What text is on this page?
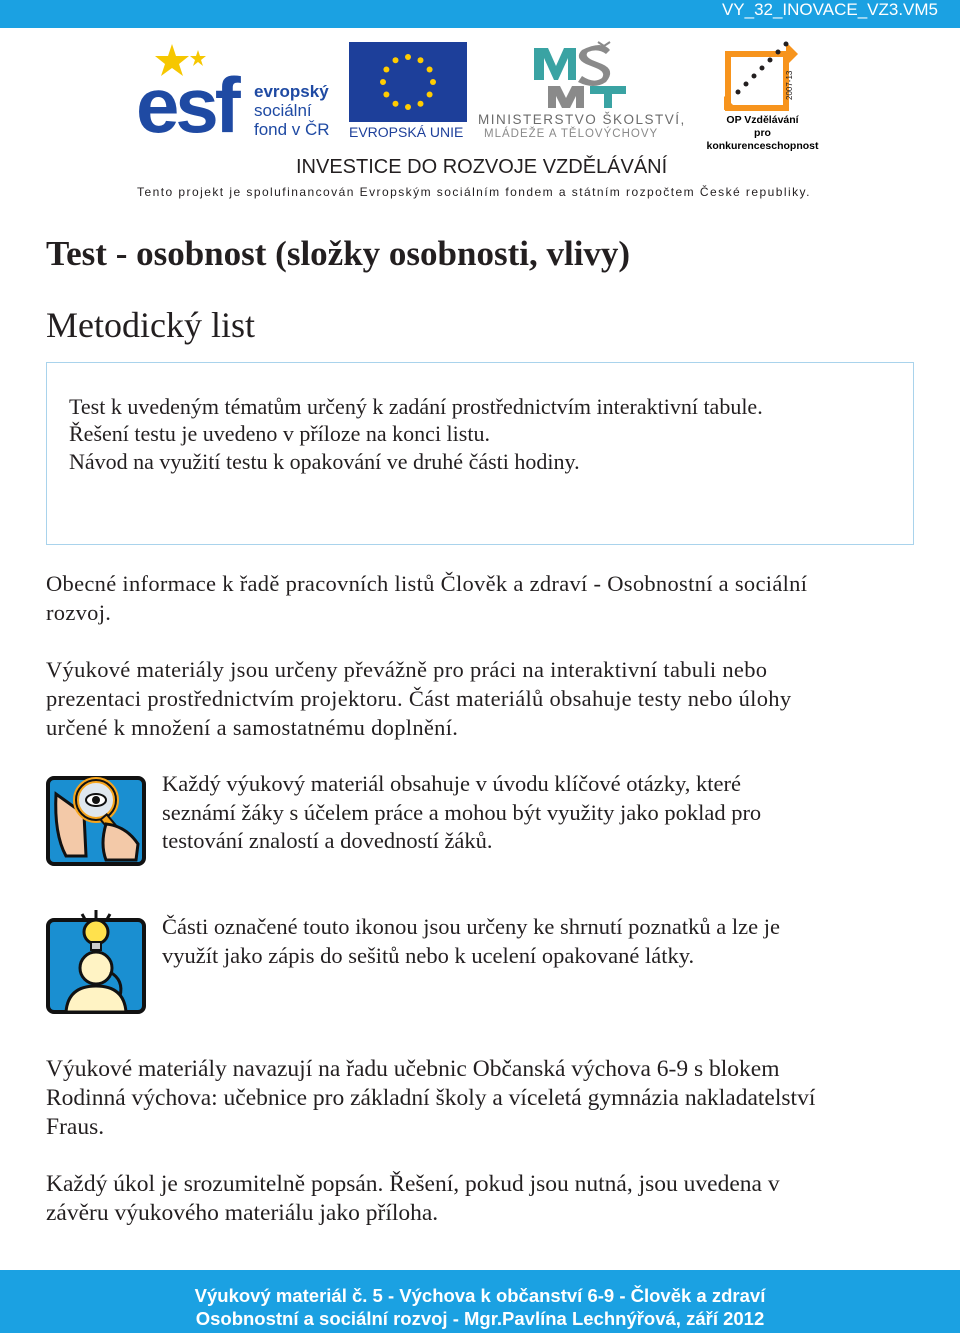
VY_32_INOVACE_VZ3.VM5
esf evropský
sociální
fond v ČR EVROPSKÁ UNIE
MINISTERSTVO ŠKOLSTVÍ,
MLÁDEŽE A TĚLOVÝCHOVY
2007-13
OP Vzdělávání
pro konkurenceschopnost
INVESTICE DO ROZVOJE VZDĚLÁVÁNÍ
Tento projekt je spolufinancován Evropským sociálním fondem a státním rozpočtem České republiky.
Test - osobnost (složky osobnosti, vlivy)
Metodický list
Test k uvedeným tématům určený k zadání prostřednictvím interaktivní tabule.
Řešení testu je uvedeno v příloze na konci listu.
Návod na využití testu k opakování ve druhé části hodiny.
Obecné informace k řadě pracovních listů Člověk a zdraví - Osobnostní a sociální
rozvoj.
Výukové materiály jsou určeny převážně pro práci na interaktivní tabuli nebo
prezentaci prostřednictvím projektoru. Část materiálů obsahuje testy nebo úlohy
určené k množení a samostatnému doplnění.
Každý výukový materiál obsahuje v úvodu klíčové otázky, které
seznámí žáky s účelem práce a mohou být využity jako poklad pro
testování znalostí a dovedností žáků.
Části označené touto ikonou jsou určeny ke shrnutí poznatků a lze je
využít jako zápis do sešitů nebo k ucelení opakované látky.
Výukové materiály navazují na řadu učebnic Občanská výchova 6-9 s blokem
Rodinná výchova: učebnice pro základní školy a víceletá gymnázia nakladatelství
Fraus.
Každý úkol je srozumitelně popsán. Řešení, pokud jsou nutná, jsou uvedena v
závěru výukového materiálu jako příloha.
Výukový materiál č. 5 - Výchova k občanství 6-9 - Člověk a zdraví
Osobnostní a sociální rozvoj - Mgr.Pavlína Lechnýřová, září 2012
